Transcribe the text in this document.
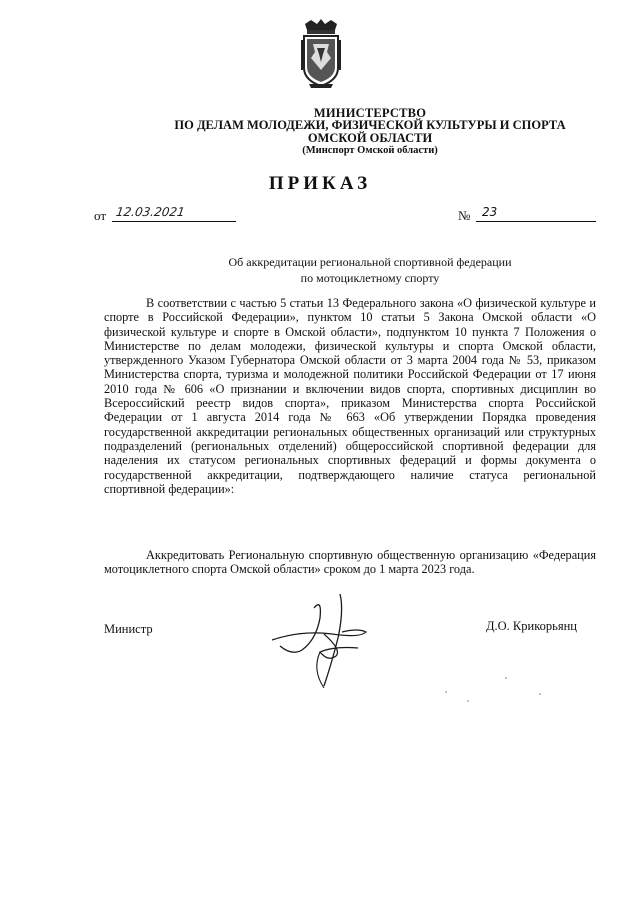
МИНИСТЕРСТВО
ПО ДЕЛАМ МОЛОДЕЖИ, ФИЗИЧЕСКОЙ КУЛЬТУРЫ И СПОРТА
ОМСКОЙ ОБЛАСТИ
(Минспорт Омской области)
ПРИКАЗ
от 12.03.2021	№ 23
Об аккредитации региональной спортивной федерации
по мотоциклетному спорту

В соответствии с частью 5 статьи 13 Федерального закона «О физической культуре и спорте в Российской Федерации», пунктом 10 статьи 5 Закона Омской области «О физической культуре и спорте в Омской области», подпунктом 10 пункта 7 Положения о Министерстве по делам молодежи, физической культуры и спорта Омской области, утвержденного Указом Губернатора Омской области от 3 марта 2004 года № 53, приказом Министерства спорта, туризма и молодежной политики Российской Федерации от 17 июня 2010 года № 606 «О признании и включении видов спорта, спортивных дисциплин во Всероссийский реестр видов спорта», приказом Министерства спорта Российской Федерации от 1 августа 2014 года № 663 «Об утверждении Порядка проведения государственной аккредитации региональных общественных организаций или структурных подразделений (региональных отделений) общероссийской спортивной федерации для наделения их статусом региональных спортивных федераций и формы документа о государственной аккредитации, подтверждающего наличие статуса региональной спортивной федерации»:

Аккредитовать Региональную спортивную общественную организацию «Федерация мотоциклетного спорта Омской области» сроком до 1 марта 2023 года.

Министр	Д.О. Крикорьянц
